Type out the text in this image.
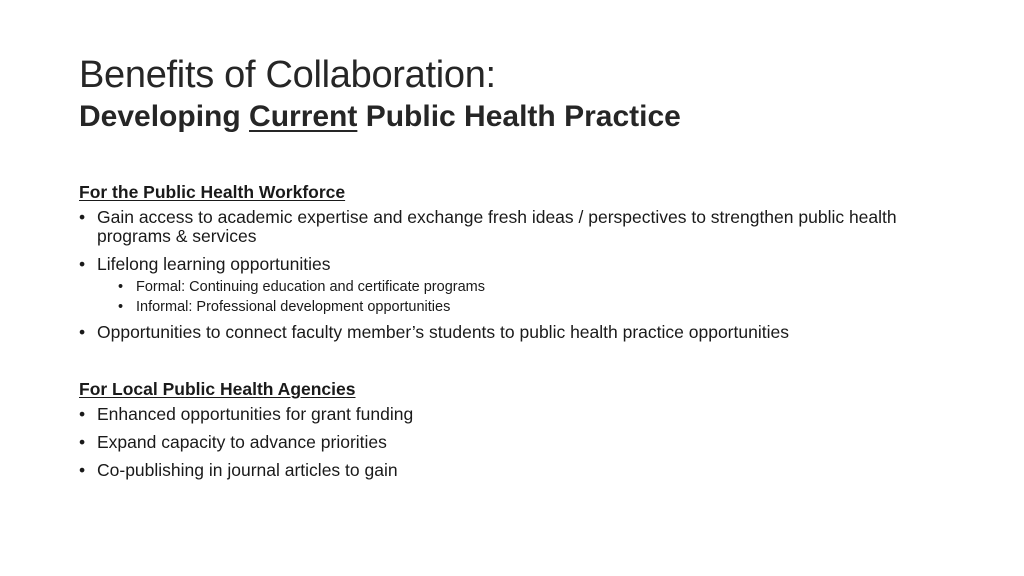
Benefits of Collaboration:
Developing Current Public Health Practice

For the Public Health Workforce

• Gain access to academic expertise and exchange fresh ideas / perspectives to strengthen public health programs & services
• Lifelong learning opportunities
• Formal: Continuing education and certificate programs
• Informal: Professional development opportunities
• Opportunities to connect faculty member’s students to public health practice opportunities

For Local Public Health Agencies

• Enhanced opportunities for grant funding
• Expand capacity to advance priorities
• Co-publishing in journal articles to gain
